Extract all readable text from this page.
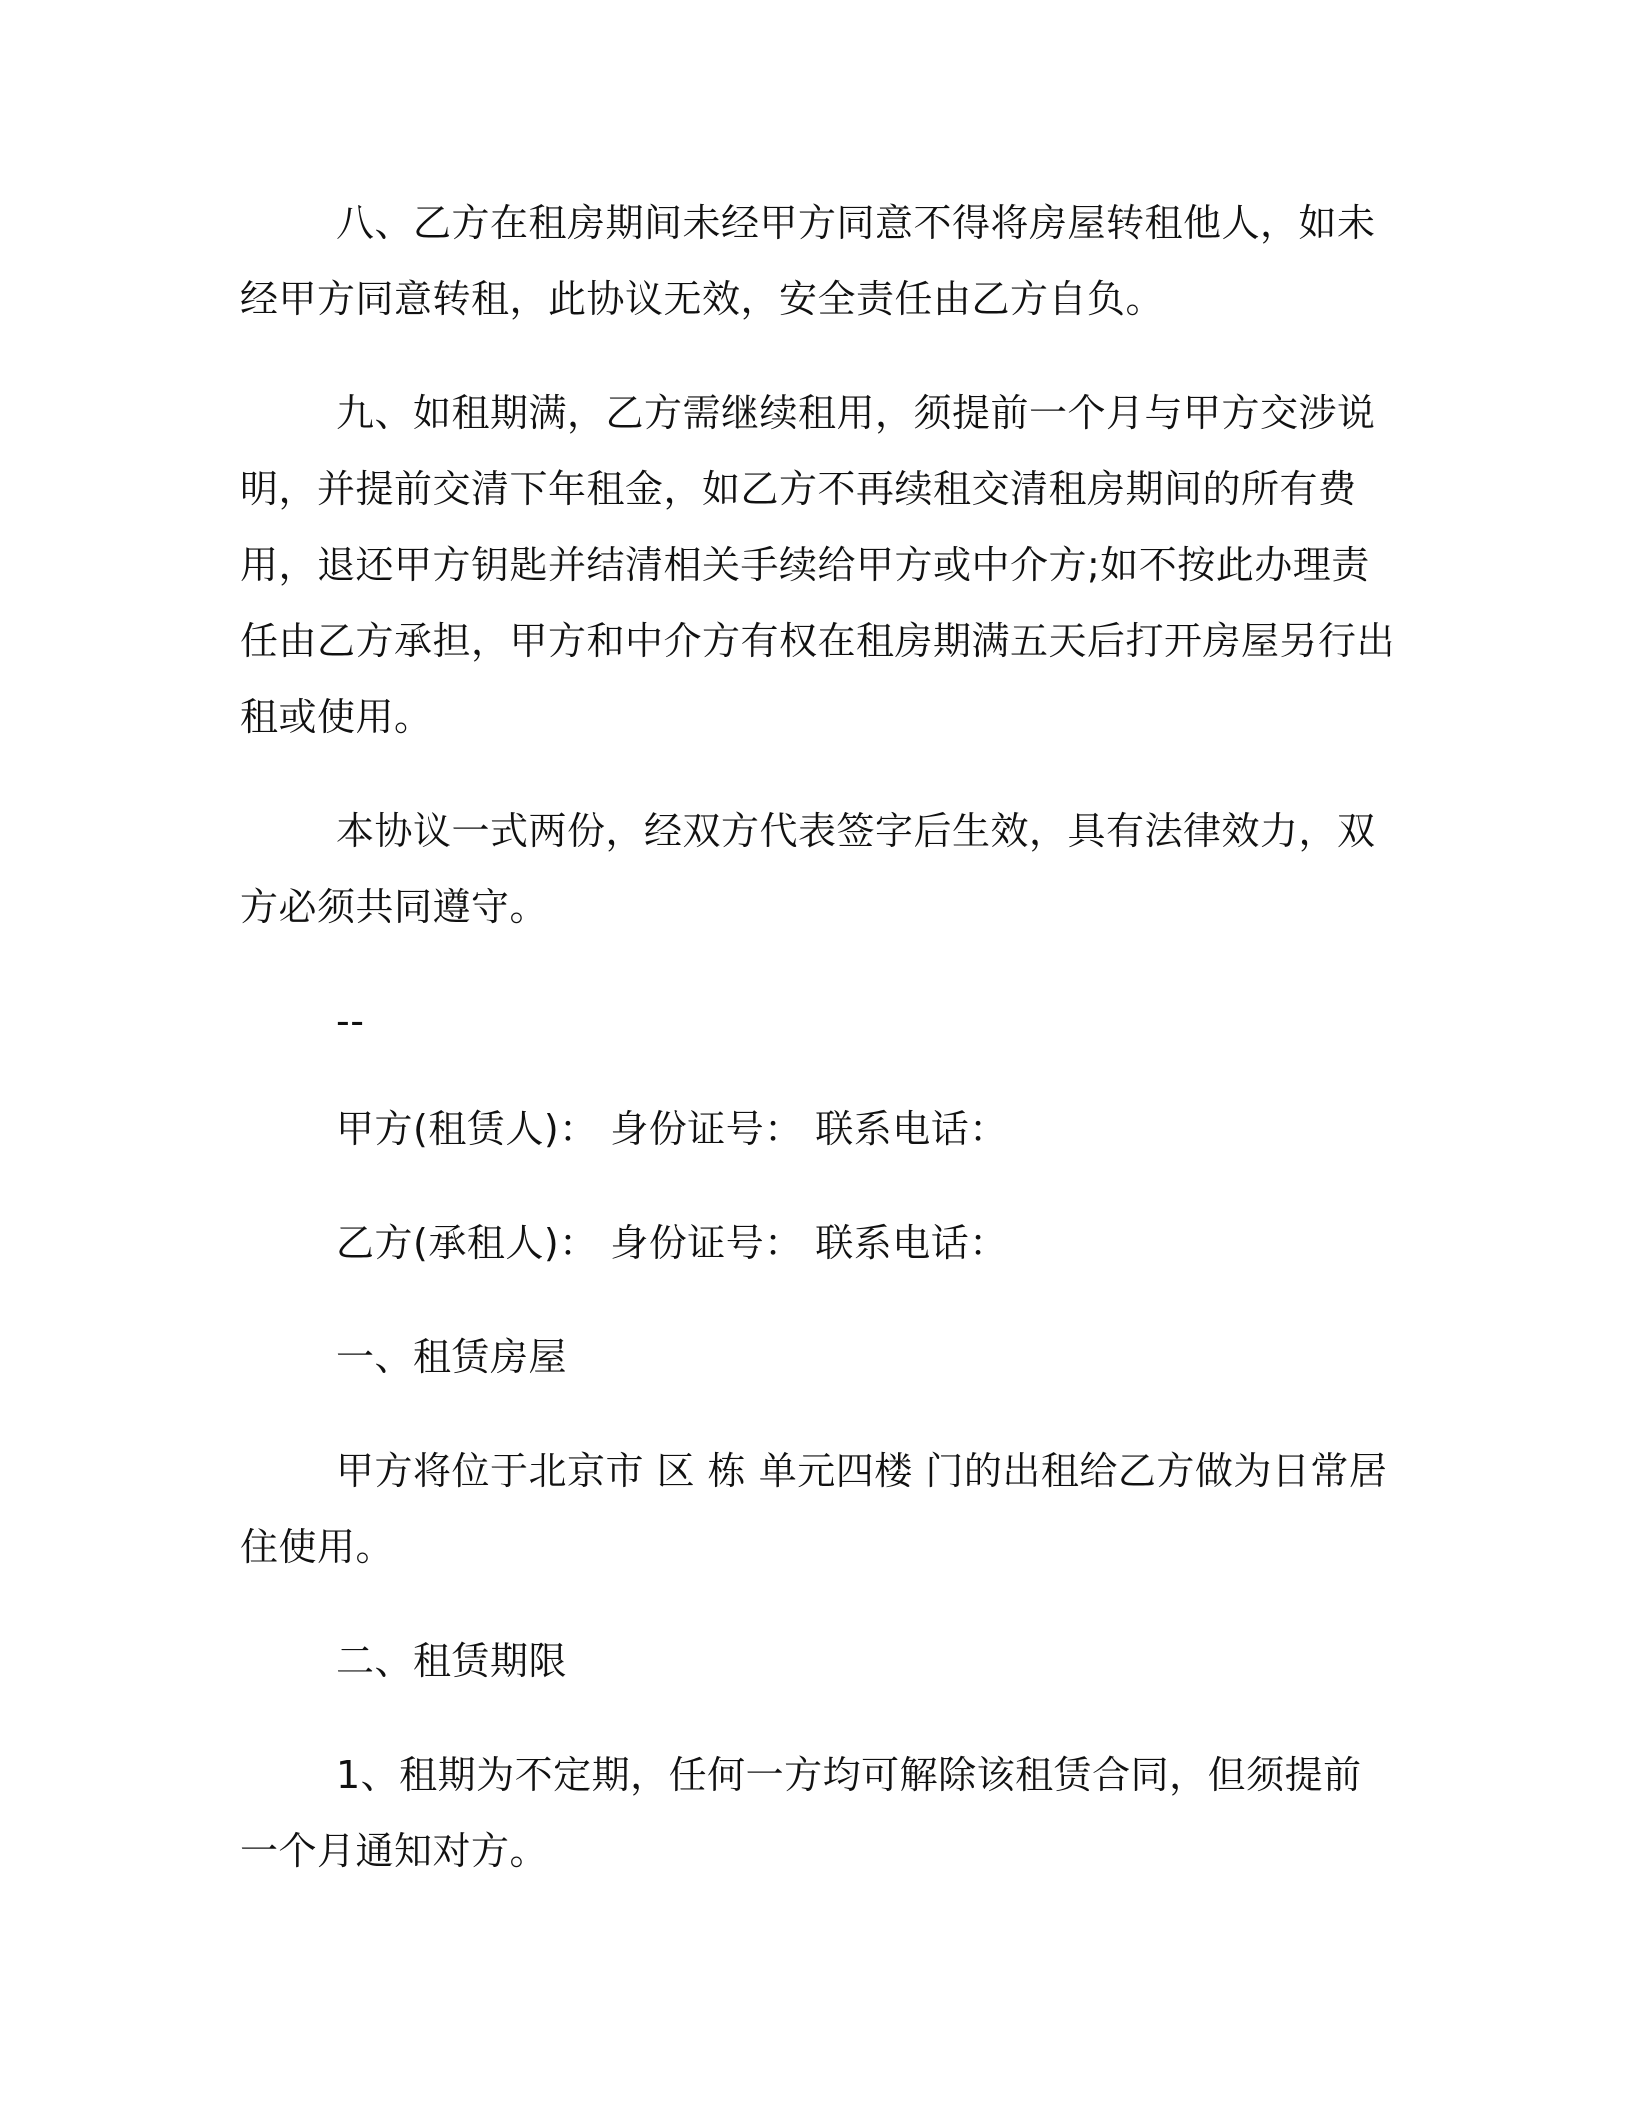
八、乙方在租房期间未经甲方同意不得将房屋转租他人，如未经甲方同意转租，此协议无效，安全责任由乙方自负。

九、如租期满，乙方需继续租用，须提前一个月与甲方交涉说明，并提前交清下年租金，如乙方不再续租交清租房期间的所有费用，退还甲方钥匙并结清相关手续给甲方或中介方;如不按此办理责任由乙方承担，甲方和中介方有权在租房期满五天后打开房屋另行出租或使用。

本协议一式两份，经双方代表签字后生效，具有法律效力，双方必须共同遵守。

--

甲方(租赁人)： 身份证号： 联系电话：

乙方(承租人)： 身份证号： 联系电话：

一、租赁房屋

甲方将位于北京市 区 栋 单元四楼 门的出租给乙方做为日常居住使用。

二、租赁期限

1、租期为不定期，任何一方均可解除该租赁合同，但须提前一个月通知对方。
